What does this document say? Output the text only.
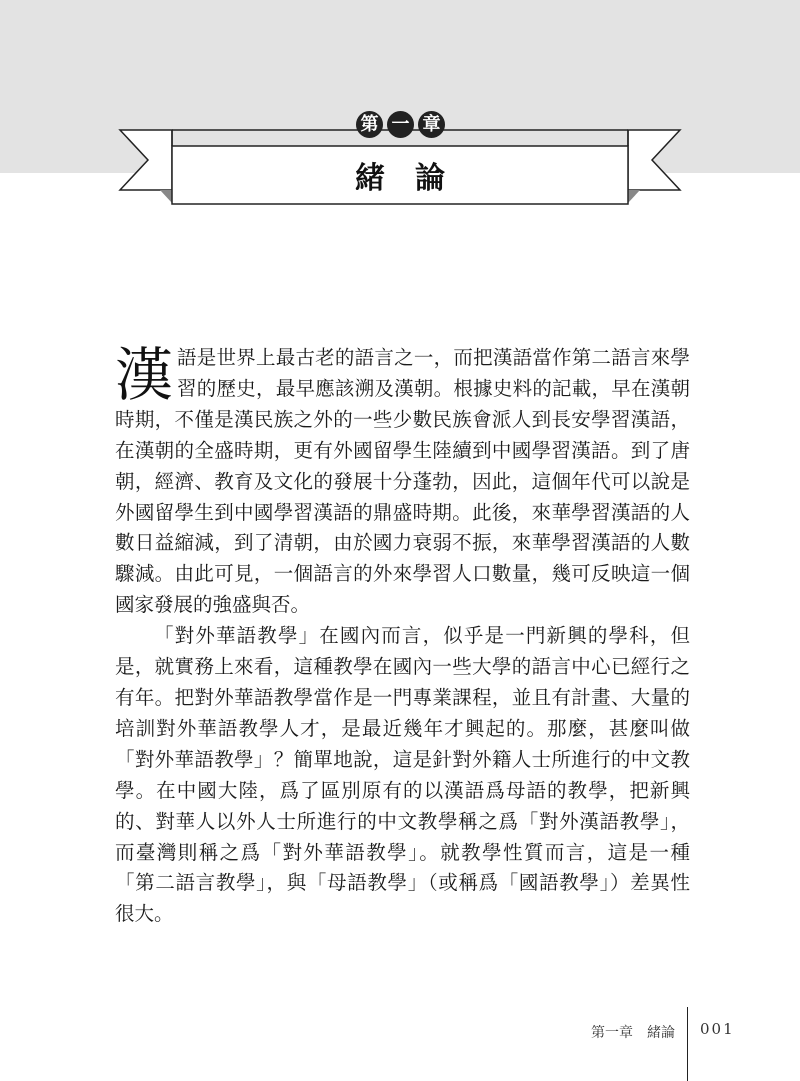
第 一 章
緒論

漢語是世界上最古老的語言之一，而把漢語當作第二語言來學習的歷史，最早應該溯及漢朝。根據史料的記載，早在漢朝時期，不僅是漢民族之外的一些少數民族會派人到長安學習漢語，在漢朝的全盛時期，更有外國留學生陸續到中國學習漢語。到了唐朝，經濟、教育及文化的發展十分蓬勃，因此，這個年代可以說是外國留學生到中國學習漢語的鼎盛時期。此後，來華學習漢語的人數日益縮減，到了清朝，由於國力衰弱不振，來華學習漢語的人數驟減。由此可見，一個語言的外來學習人口數量，幾可反映這一個國家發展的強盛與否。

「對外華語教學」在國內而言，似乎是一門新興的學科，但是，就實務上來看，這種教學在國內一些大學的語言中心已經行之有年。把對外華語教學當作是一門專業課程，並且有計畫、大量的培訓對外華語教學人才，是最近幾年才興起的。那麼，甚麼叫做「對外華語教學」？簡單地說，這是針對外籍人士所進行的中文教學。在中國大陸，爲了區別原有的以漢語爲母語的教學，把新興的、對華人以外人士所進行的中文教學稱之爲「對外漢語教學」，而臺灣則稱之爲「對外華語教學」。就教學性質而言，這是一種「第二語言教學」，與「母語教學」（或稱爲「國語教學」）差異性很大。

第一章　緒論 001
